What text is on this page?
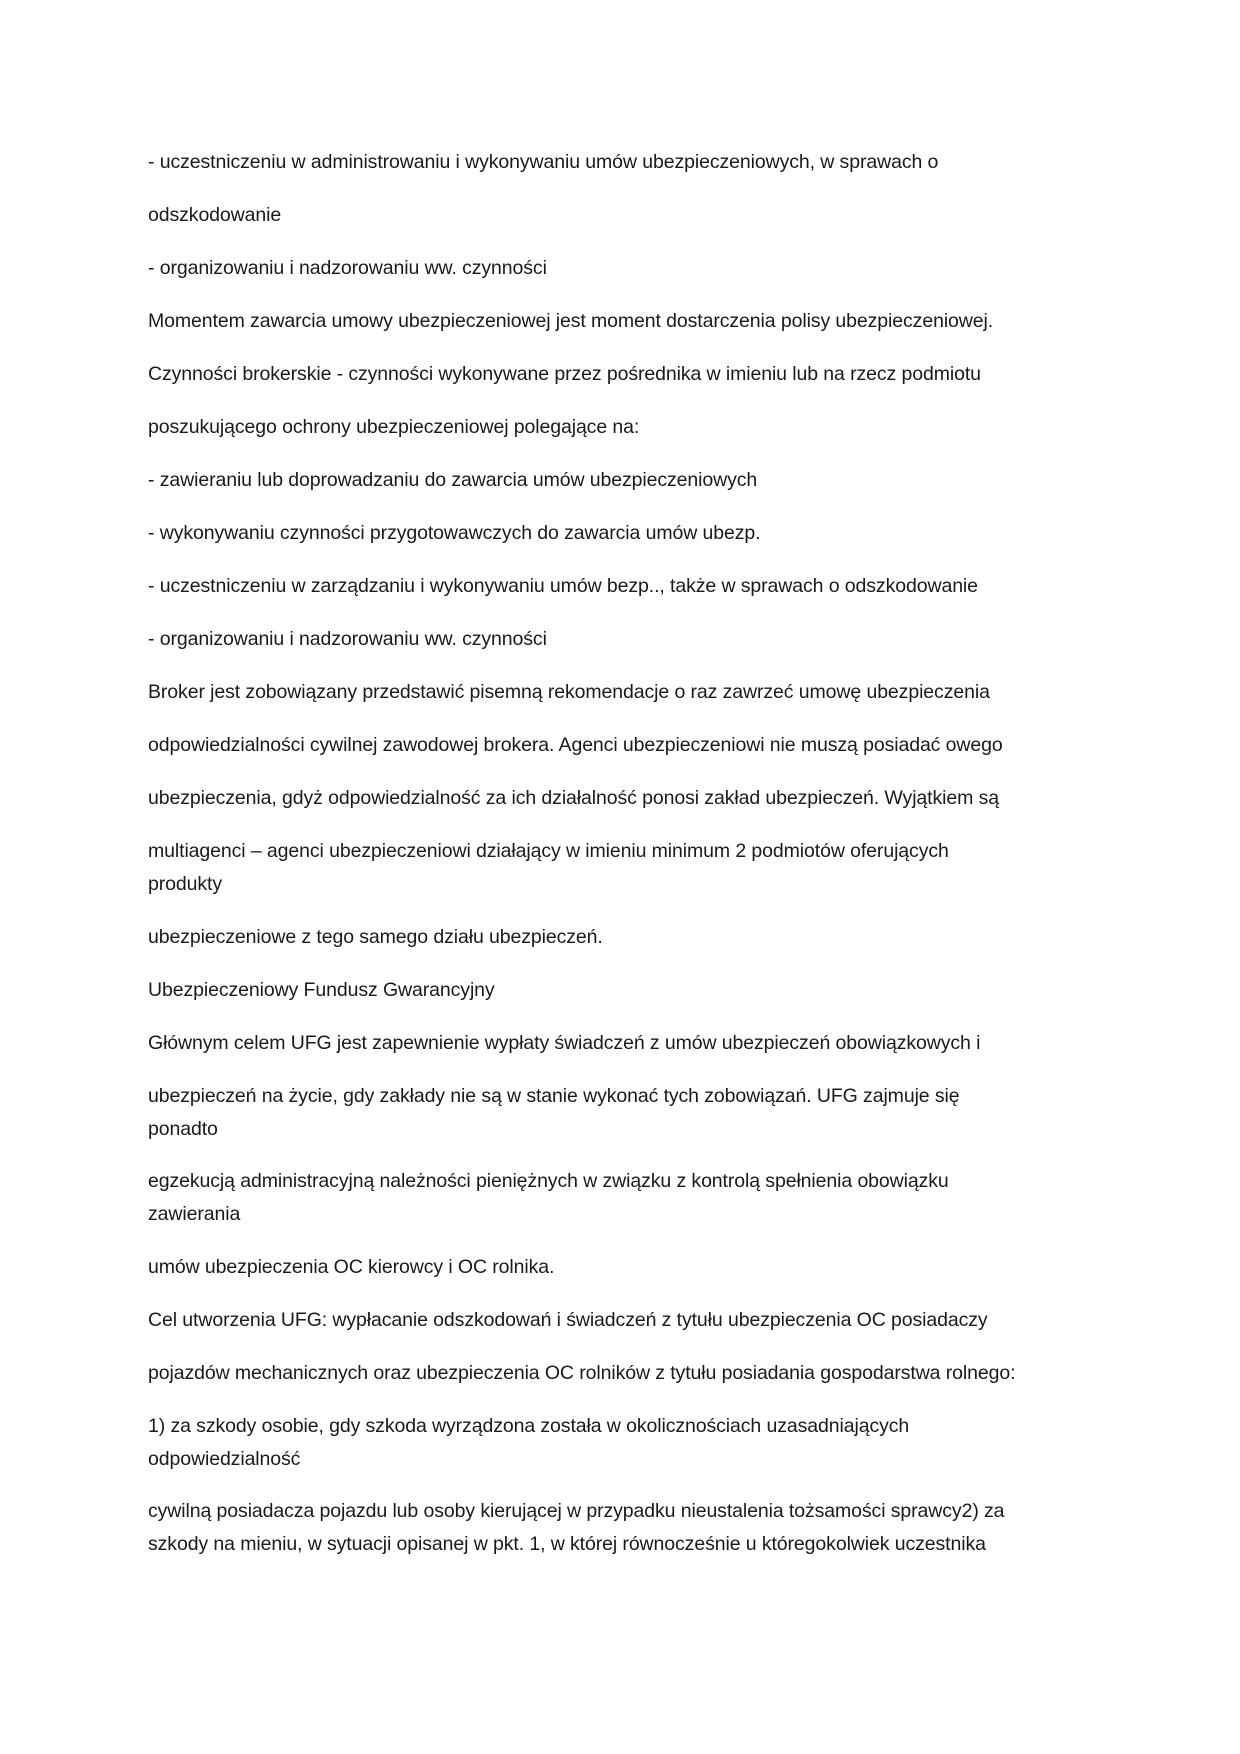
- uczestniczeniu w administrowaniu i wykonywaniu umów ubezpieczeniowych, w sprawach o
odszkodowanie
- organizowaniu i nadzorowaniu ww. czynności
Momentem zawarcia umowy ubezpieczeniowej jest moment dostarczenia polisy ubezpieczeniowej.
Czynności brokerskie - czynności wykonywane przez pośrednika w imieniu lub na rzecz podmiotu
poszukującego ochrony ubezpieczeniowej polegające na:
- zawieraniu lub doprowadzaniu do zawarcia umów ubezpieczeniowych
- wykonywaniu czynności przygotowawczych do zawarcia umów ubezp.
- uczestniczeniu w zarządzaniu i wykonywaniu umów bezp.., także w sprawach o odszkodowanie
- organizowaniu i nadzorowaniu ww. czynności
Broker jest zobowiązany przedstawić pisemną rekomendacje o raz zawrzeć umowę ubezpieczenia
odpowiedzialności cywilnej zawodowej brokera. Agenci ubezpieczeniowi nie muszą posiadać owego
ubezpieczenia, gdyż odpowiedzialność za ich działalność ponosi zakład ubezpieczeń. Wyjątkiem są
multiagenci – agenci ubezpieczeniowi działający w imieniu minimum 2 podmiotów oferujących
produkty
ubezpieczeniowe z tego samego działu ubezpieczeń.
Ubezpieczeniowy Fundusz Gwarancyjny
Głównym celem UFG jest zapewnienie wypłaty świadczeń z umów ubezpieczeń obowiązkowych i
ubezpieczeń na życie, gdy zakłady nie są w stanie wykonać tych zobowiązań. UFG zajmuje się
ponadto
egzekucją administracyjną należności pieniężnych w związku z kontrolą spełnienia obowiązku
zawierania
umów ubezpieczenia OC kierowcy i OC rolnika.
Cel utworzenia UFG: wypłacanie odszkodowań i świadczeń z tytułu ubezpieczenia OC posiadaczy
pojazdów mechanicznych oraz ubezpieczenia OC rolników z tytułu posiadania gospodarstwa rolnego:
1) za szkody osobie, gdy szkoda wyrządzona została w okolicznościach uzasadniających
odpowiedzialność
cywilną posiadacza pojazdu lub osoby kierującej w przypadku nieustalenia tożsamości sprawcy2) za
szkody na mieniu, w sytuacji opisanej w pkt. 1, w której równocześnie u któregokolwiek uczestnika
